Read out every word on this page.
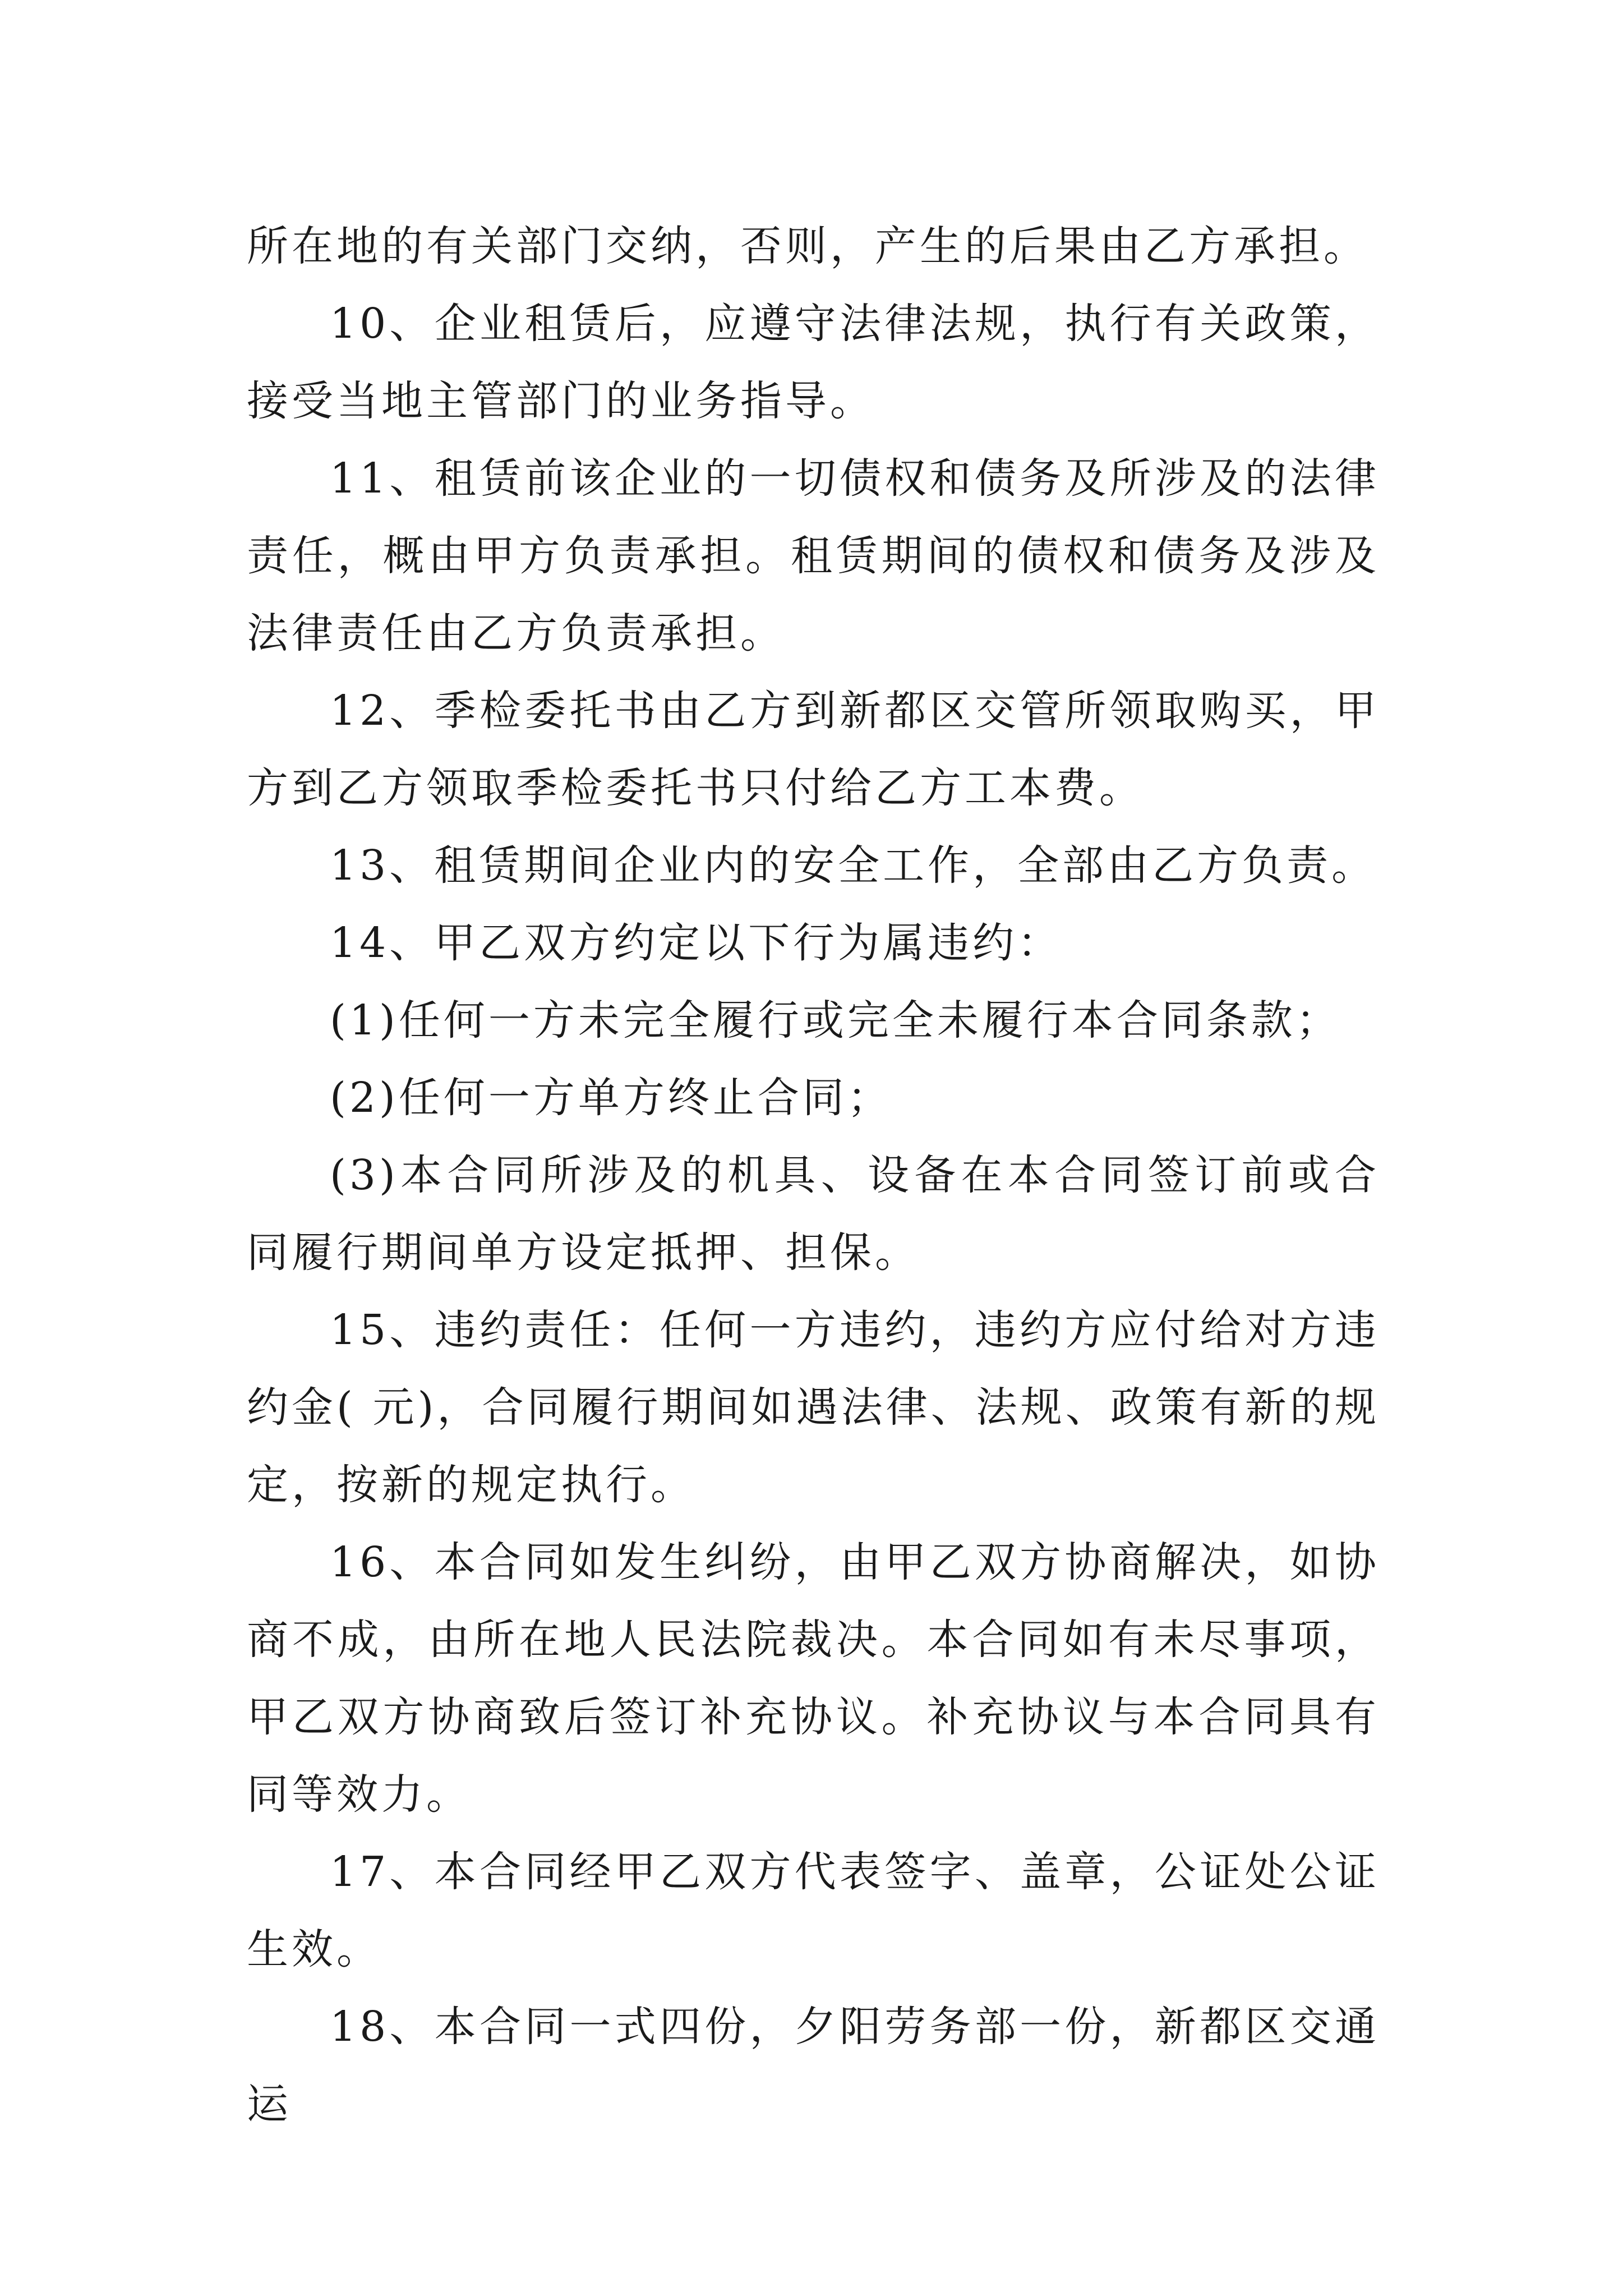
所在地的有关部门交纳，否则，产生的后果由乙方承担。

10、企业租赁后，应遵守法律法规，执行有关政策，接受当地主管部门的业务指导。

11、租赁前该企业的一切债权和债务及所涉及的法律责任，概由甲方负责承担。租赁期间的债权和债务及涉及法律责任由乙方负责承担。

12、季检委托书由乙方到新都区交管所领取购买，甲方到乙方领取季检委托书只付给乙方工本费。

13、租赁期间企业内的安全工作，全部由乙方负责。

14、甲乙双方约定以下行为属违约：

(1)任何一方未完全履行或完全未履行本合同条款；

(2)任何一方单方终止合同；

(3)本合同所涉及的机具、设备在本合同签订前或合同履行期间单方设定抵押、担保。

15、违约责任：任何一方违约，违约方应付给对方违约金( 元)，合同履行期间如遇法律、法规、政策有新的规定，按新的规定执行。

16、本合同如发生纠纷，由甲乙双方协商解决，如协商不成，由所在地人民法院裁决。本合同如有未尽事项，甲乙双方协商致后签订补充协议。补充协议与本合同具有同等效力。

17、本合同经甲乙双方代表签字、盖章，公证处公证生效。

18、本合同一式四份，夕阳劳务部一份，新都区交通运
